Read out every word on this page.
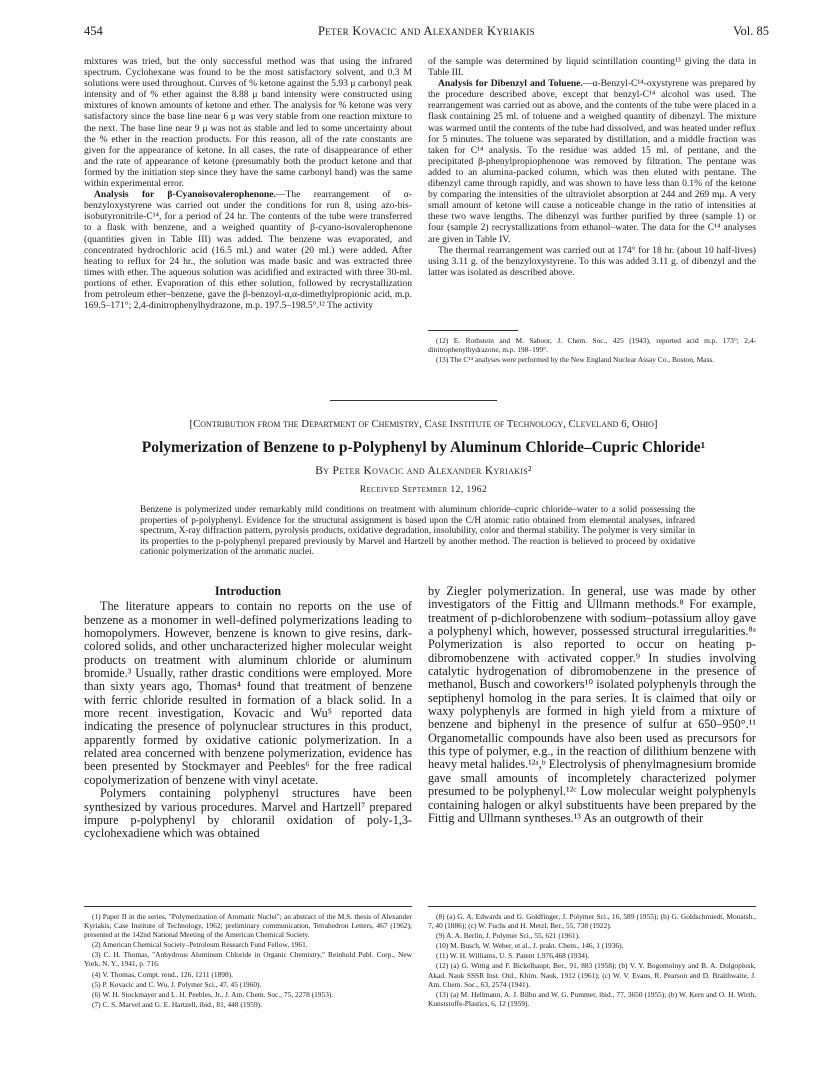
454	Peter Kovacic and Alexander Kyriakis	Vol. 85

mixtures was tried, but the only successful method was that using the infrared spectrum. Cyclohexane was found to be the most satisfactory solvent, and 0.3 M solutions were used throughout. Curves of % ketone against the 5.93 μ carbonyl peak intensity and of % ether against the 8.88 μ band intensity were constructed using mixtures of known amounts of ketone and ether. The analysis for % ketone was very satisfactory since the base line near 6 μ was very stable from one reaction mixture to the next. The base line near 9 μ was not as stable and led to some uncertainty about the % ether in the reaction products. For this reason, all of the rate constants are given for the appearance of ketone. In all cases, the rate of disappearance of ether and the rate of appearance of ketone (presumably both the product ketone and that formed by the initiation step since they have the same carbonyl band) was the same within experimental error.

Analysis for β-Cyanoisovalerophenone.—The rearrangement of α-benzyloxystyrene was carried out under the conditions for run 8, using azo-bis-isobutyronitrile-C¹⁴, for a period of 24 hr. The contents of the tube were transferred to a flask with benzene, and a weighed quantity of β-cyano-isovalerophenone (quantities given in Table III) was added. The benzene was evaporated, and concentrated hydrochloric acid (16.5 ml.) and water (20 ml.) were added. After heating to reflux for 24 hr., the solution was made basic and was extracted three times with ether. The aqueous solution was acidified and extracted with three 30-ml. portions of ether. Evaporation of this ether solution, followed by recrystallization from petroleum ether–benzene, gave the β-benzoyl-α,α-dimethylpropionic acid, m.p. 169.5–171°; 2,4-dinitrophenylhydrazone, m.p. 197.5–198.5°.¹² The activity

of the sample was determined by liquid scintillation counting¹³ giving the data in Table III.

Analysis for Dibenzyl and Toluene.—α-Benzyl-C¹⁴-oxystyrene was prepared by the procedure described above, except that benzyl-C¹⁴ alcohol was used. The rearrangement was carried out as above, and the contents of the tube were placed in a flask containing 25 ml. of toluene and a weighed quantity of dibenzyl. The mixture was warmed until the contents of the tube had dissolved, and was heated under reflux for 5 minutes. The toluene was separated by distillation, and a middle fraction was taken for C¹⁴ analysis. To the residue was added 15 ml. of pentane, and the precipitated β-phenylpropiophenone was removed by filtration. The pentane was added to an alumina-packed column, which was then eluted with pentane. The dibenzyl came through rapidly, and was shown to have less than 0.1% of the ketone by comparing the intensities of the ultraviolet absorption at 244 and 269 mμ. A very small amount of ketone will cause a noticeable change in the ratio of intensities at these two wave lengths. The dibenzyl was further purified by three (sample 1) or four (sample 2) recrystallizations from ethanol–water. The data for the C¹⁴ analyses are given in Table IV.

The thermal rearrangement was carried out at 174° for 18 hr. (about 10 half-lives) using 3.11 g. of the benzyloxystyrene. To this was added 3.11 g. of dibenzyl and the latter was isolated as described above.

(12) E. Rothstein and M. Saboor, J. Chem. Soc., 425 (1943), reported acid m.p. 173°; 2,4-dinitrophenylhydrazone, m.p. 198–199°.

(13) The C¹⁴ analyses were performed by the New England Nuclear Assay Co., Boston, Mass.

[Contribution from the Department of Chemistry, Case Institute of Technology, Cleveland 6, Ohio]
Polymerization of Benzene to p-Polyphenyl by Aluminum Chloride–Cupric Chloride¹
By Peter Kovacic and Alexander Kyriakis²
Received September 12, 1962
Benzene is polymerized under remarkably mild conditions on treatment with aluminum chloride–cupric chloride–water to a solid possessing the properties of p-polyphenyl. Evidence for the structural assignment is based upon the C/H atomic ratio obtained from elemental analyses, infrared spectrum, X-ray diffraction pattern, pyrolysis products, oxidative degradation, insolubility, color and thermal stability. The polymer is very similar in its properties to the p-polyphenyl prepared previously by Marvel and Hartzell by another method. The reaction is believed to proceed by oxidative cationic polymerization of the aromatic nuclei.
Introduction

The literature appears to contain no reports on the use of benzene as a monomer in well-defined polymerizations leading to homopolymers. However, benzene is known to give resins, dark-colored solids, and other uncharacterized higher molecular weight products on treatment with aluminum chloride or aluminum bromide.³ Usually, rather drastic conditions were employed. More than sixty years ago, Thomas⁴ found that treatment of benzene with ferric chloride resulted in formation of a black solid. In a more recent investigation, Kovacic and Wu⁵ reported data indicating the presence of polynuclear structures in this product, apparently formed by oxidative cationic polymerization. In a related area concerned with benzene polymerization, evidence has been presented by Stockmayer and Peebles⁶ for the free radical copolymerization of benzene with vinyl acetate.

Polymers containing polyphenyl structures have been synthesized by various procedures. Marvel and Hartzell⁷ prepared impure p-polyphenyl by chloranil oxidation of poly-1,3-cyclohexadiene which was obtained

by Ziegler polymerization. In general, use was made by other investigators of the Fittig and Ullmann methods.⁸ For example, treatment of p-dichlorobenzene with sodium–potassium alloy gave a polyphenyl which, however, possessed structural irregularities.⁸ᵃ Polymerization is also reported to occur on heating p-dibromobenzene with activated copper.⁹ In studies involving catalytic hydrogenation of dibromobenzene in the presence of methanol, Busch and coworkers¹⁰ isolated polyphenyls through the septiphenyl homolog in the para series. It is claimed that oily or waxy polyphenyls are formed in high yield from a mixture of benzene and biphenyl in the presence of sulfur at 650–950°.¹¹ Organometallic compounds have also been used as precursors for this type of polymer, e.g., in the reaction of dilithium benzene with heavy metal halides.¹²ᵃ,ᵇ Electrolysis of phenylmagnesium bromide gave small amounts of incompletely characterized polymer presumed to be polyphenyl.¹²ᶜ Low molecular weight polyphenyls containing halogen or alkyl substituents have been prepared by the Fittig and Ullmann syntheses.¹³ As an outgrowth of their

(1) Paper II in the series, "Polymerization of Aromatic Nuclei"; an abstract of the M.S. thesis of Alexander Kyriakis, Case Institute of Technology, 1962; preliminary communication, Tetrahedron Letters, 467 (1962); presented at the 142nd National Meeting of the American Chemical Society.

(2) American Chemical Society–Petroleum Research Fund Fellow, 1961.

(3) C. H. Thomas, "Anhydrous Aluminum Chloride in Organic Chemistry," Reinhold Publ. Corp., New York, N. Y., 1941, p. 716.

(4) V. Thomas, Compt. rend., 126, 1211 (1898).

(5) P. Kovacic and C. Wu, J. Polymer Sci., 47, 45 (1960).

(6) W. H. Stockmayer and L. H. Peebles, Jr., J. Am. Chem. Soc., 75, 2278 (1953).

(7) C. S. Marvel and G. E. Hartzell, ibid., 81, 448 (1959).

(8) (a) G. A. Edwards and G. Goldfinger, J. Polymer Sci., 16, 589 (1955); (b) G. Goldschmiedt, Monatsh., 7, 40 (1886); (c) W. Fuchs and H. Metzl, Ber., 55, 738 (1922).

(9) A. A. Berlin, J. Polymer Sci., 55, 621 (1961).

(10) M. Busch, W. Weber, et al., J. prakt. Chem., 146, 1 (1936).

(11) W. H. Williams, U. S. Patent 1,976,468 (1934).

(12) (a) G. Wittig and F. Bickelhaupt, Ber., 91, 883 (1958); (b) V. Y. Bogomolnyy and B. A. Dolgoplosk, Akad. Nauk SSSR Inst. Otd., Khim. Nauk, 1912 (1961); (c) W. V. Evans, R. Pearson and D. Braithwaite, J. Am. Chem. Soc., 63, 2574 (1941).

(13) (a) M. Hellmann, A. J. Bilbo and W. G. Pummer, ibid., 77, 3650 (1955); (b) W. Kern and O. H. Wirth, Kunststoffe-Plastics, 6, 12 (1959).
